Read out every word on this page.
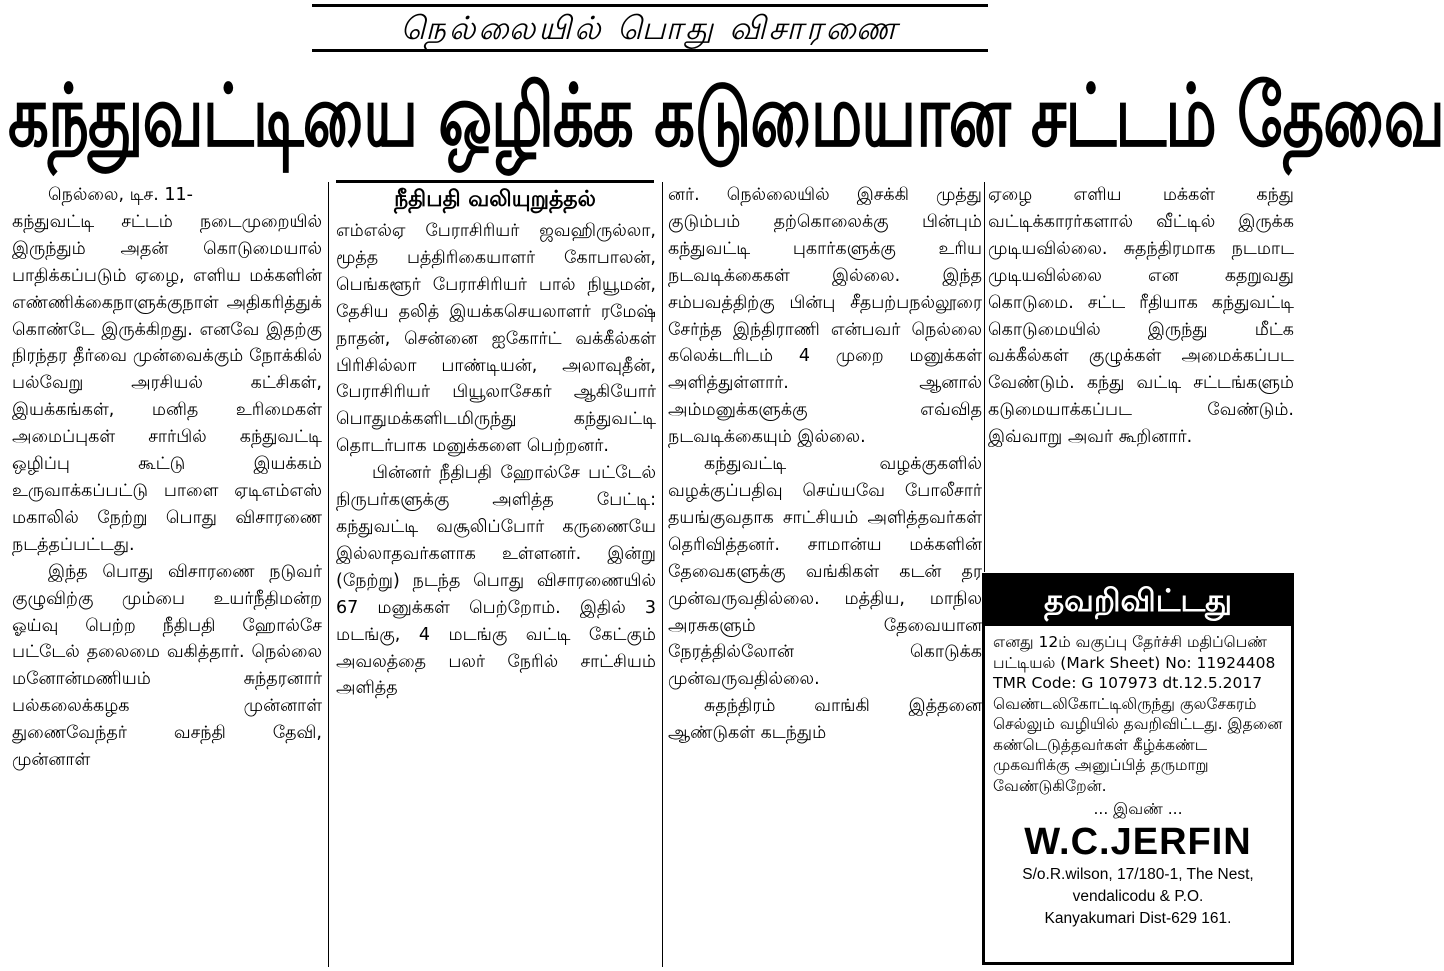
நெல்லையில் பொது விசாரணை
கந்துவட்டியை ஒழிக்க கடுமையான சட்டம் தேவை

நெல்லை, டிச. 11-

கந்துவட்டி சட்டம் நடைமுறையில் இருந்தும் அதன் கொடுமையால் பாதிக்கப்படும் ஏழை, எளிய மக்களின் எண்ணிக்கைநாளுக்குநாள் அதிகரித்துக் கொண்டே இருக்கிறது. எனவே இதற்கு நிரந்தர தீர்வை முன்வைக்கும் நோக்கில் பல்வேறு அரசியல் கட்சிகள், இயக்கங்கள், மனித உரிமைகள் அமைப்புகள் சார்பில் கந்துவட்டி ஒழிப்பு கூட்டு இயக்கம் உருவாக்கப்பட்டு பாளை ஏடிஎம்எஸ் மகாலில் நேற்று பொது விசாரணை நடத்தப்பட்டது.

இந்த பொது விசாரணை நடுவர் குழுவிற்கு மும்பை உயர்நீதிமன்ற ஓய்வு பெற்ற நீதிபதி ஹோல்சே பட்டேல் தலைமை வகித்தார். நெல்லை மனோன்மணியம் சுந்தரனார் பல்கலைக்கழக முன்னாள் துணைவேந்தர் வசந்தி தேவி, முன்னாள்

நீதிபதி வலியுறுத்தல்

எம்எல்ஏ பேராசிரியர் ஜவஹிருல்லா, மூத்த பத்திரிகையாளர் கோபாலன், பெங்களூர் பேராசிரியர் பால் நியூமன், தேசிய தலித் இயக்கசெயலாளர் ரமேஷ் நாதன், சென்னை ஐகோர்ட் வக்கீல்கள் பிரிசில்லா பாண்டியன், அலாவுதீன், பேராசிரியர் பியூலாசேகர் ஆகியோர் பொதுமக்களிடமிருந்து கந்துவட்டி தொடர்பாக மனுக்களை பெற்றனர்.

பின்னர் நீதிபதி ஹோல்சே பட்டேல் நிருபர்களுக்கு அளித்த பேட்டி: கந்துவட்டி வசூலிப்போர் கருணையே இல்லாதவர்களாக உள்ளனர். இன்று (நேற்று) நடந்த பொது விசாரணையில் 67 மனுக்கள் பெற்றோம். இதில் 3 மடங்கு, 4 மடங்கு வட்டி கேட்கும் அவலத்தை பலர் நேரில் சாட்சியம் அளித்த

னர். நெல்லையில் இசக்கி முத்து குடும்பம் தற்கொலைக்கு பின்பும் கந்துவட்டி புகார்களுக்கு உரிய நடவடிக்கைகள் இல்லை. இந்த சம்பவத்திற்கு பின்பு சீதபற்பநல்லூரை சேர்ந்த இந்திராணி என்பவர் நெல்லை கலெக்டரிடம் 4 முறை மனுக்கள் அளித்துள்ளார். ஆனால் அம்மனுக்களுக்கு எவ்வித நடவடிக்கையும் இல்லை.

கந்துவட்டி வழக்குகளில் வழக்குப்பதிவு செய்யவே போலீசார் தயங்குவதாக சாட்சியம் அளித்தவர்கள் தெரிவித்தனர். சாமான்ய மக்களின் தேவைகளுக்கு வங்கிகள் கடன் தர முன்வருவதில்லை. மத்திய, மாநில அரசுகளும் தேவையான நேரத்தில்லோன் கொடுக்க முன்வருவதில்லை.

சுதந்திரம் வாங்கி இத்தனை ஆண்டுகள் கடந்தும்

ஏழை எளிய மக்கள் கந்து வட்டிக்காரர்களால் வீட்டில் இருக்க முடியவில்லை. சுதந்திரமாக நடமாட முடியவில்லை என கதறுவது கொடுமை. சட்ட ரீதியாக கந்துவட்டி கொடுமையில் இருந்து மீட்க வக்கீல்கள் குழுக்கள் அமைக்கப்பட வேண்டும். கந்து வட்டி சட்டங்களும் கடுமையாக்கப்பட வேண்டும். இவ்வாறு அவர் கூறினார்.

தவறிவிட்டது
எனது 12ம் வகுப்பு தேர்ச்சி மதிப்பெண் பட்டியல் (Mark Sheet) No: 11924408 TMR Code: G 107973 dt.12.5.2017 வெண்டலிகோட்டிலிருந்து குலசேகரம் செல்லும் வழியில் தவறிவிட்டது. இதனை கண்டெடுத்தவர்கள் கீழ்க்கண்ட முகவரிக்கு அனுப்பித் தருமாறு வேண்டுகிறேன்.
... இவண் ...
W.C.JERFIN
S/o.R.wilson, 17/180-1, The Nest,
vendalicodu & P.O.
Kanyakumari Dist-629 161.
